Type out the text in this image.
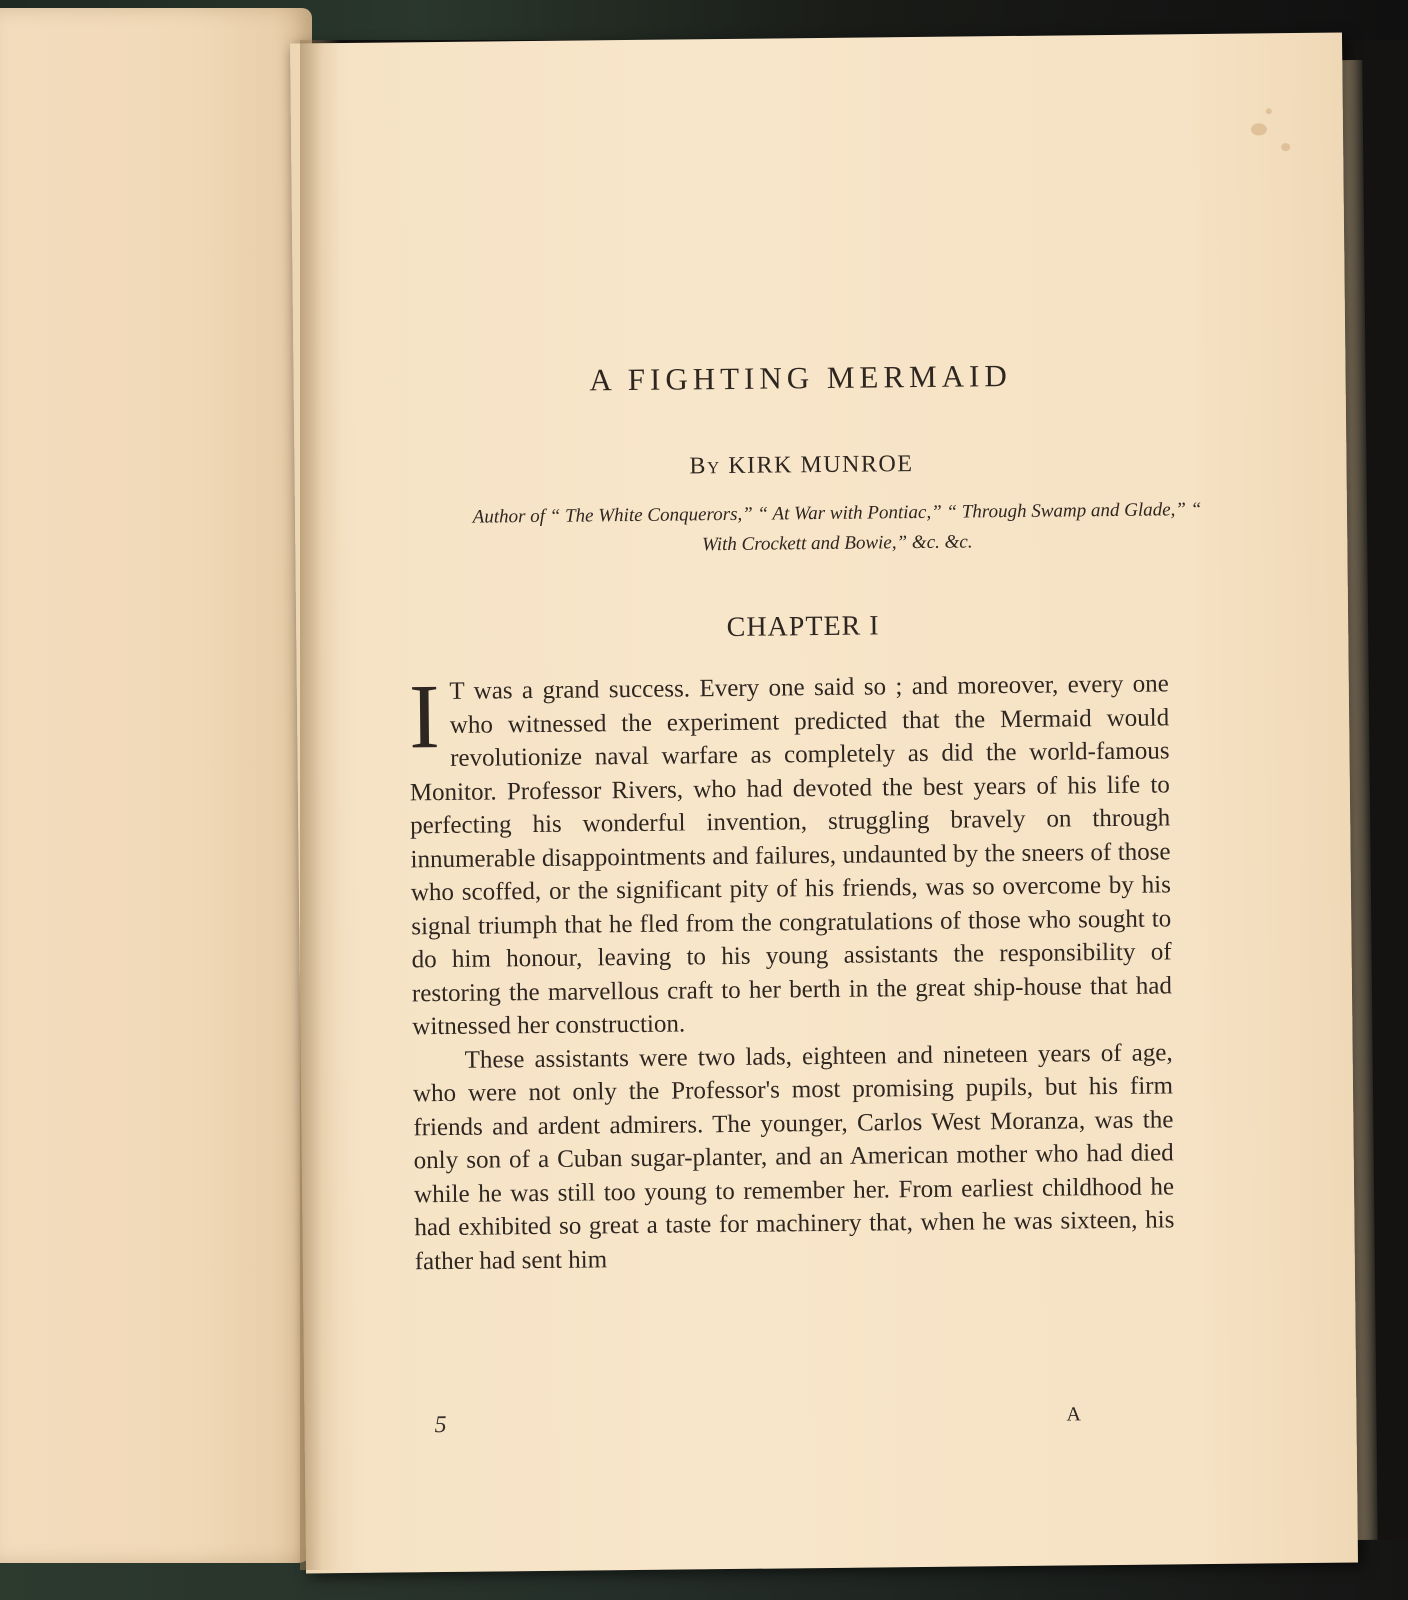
A FIGHTING MERMAID
By KIRK MUNROE
Author of “ The White Conquerors,” “ At War with Pontiac,” “ Through Swamp and Glade,” “ With Crockett and Bowie,” &c. &c.
CHAPTER I

I T was a grand success. Every one said so ; and moreover, every one who witnessed the experiment predicted that the Mermaid would revolutionize naval warfare as completely as did the world-famous Monitor. Professor Rivers, who had devoted the best years of his life to perfecting his wonderful invention, struggling bravely on through innumerable disappointments and failures, undaunted by the sneers of those who scoffed, or the significant pity of his friends, was so overcome by his signal triumph that he fled from the congratulations of those who sought to do him honour, leaving to his young assistants the responsibility of restoring the marvellous craft to her berth in the great ship-house that had witnessed her construction.

These assistants were two lads, eighteen and nineteen years of age, who were not only the Professor's most promising pupils, but his firm friends and ardent admirers. The younger, Carlos West Moranza, was the only son of a Cuban sugar-planter, and an American mother who had died while he was still too young to remember her. From earliest childhood he had exhibited so great a taste for machinery that, when he was sixteen, his father had sent him

5	A
